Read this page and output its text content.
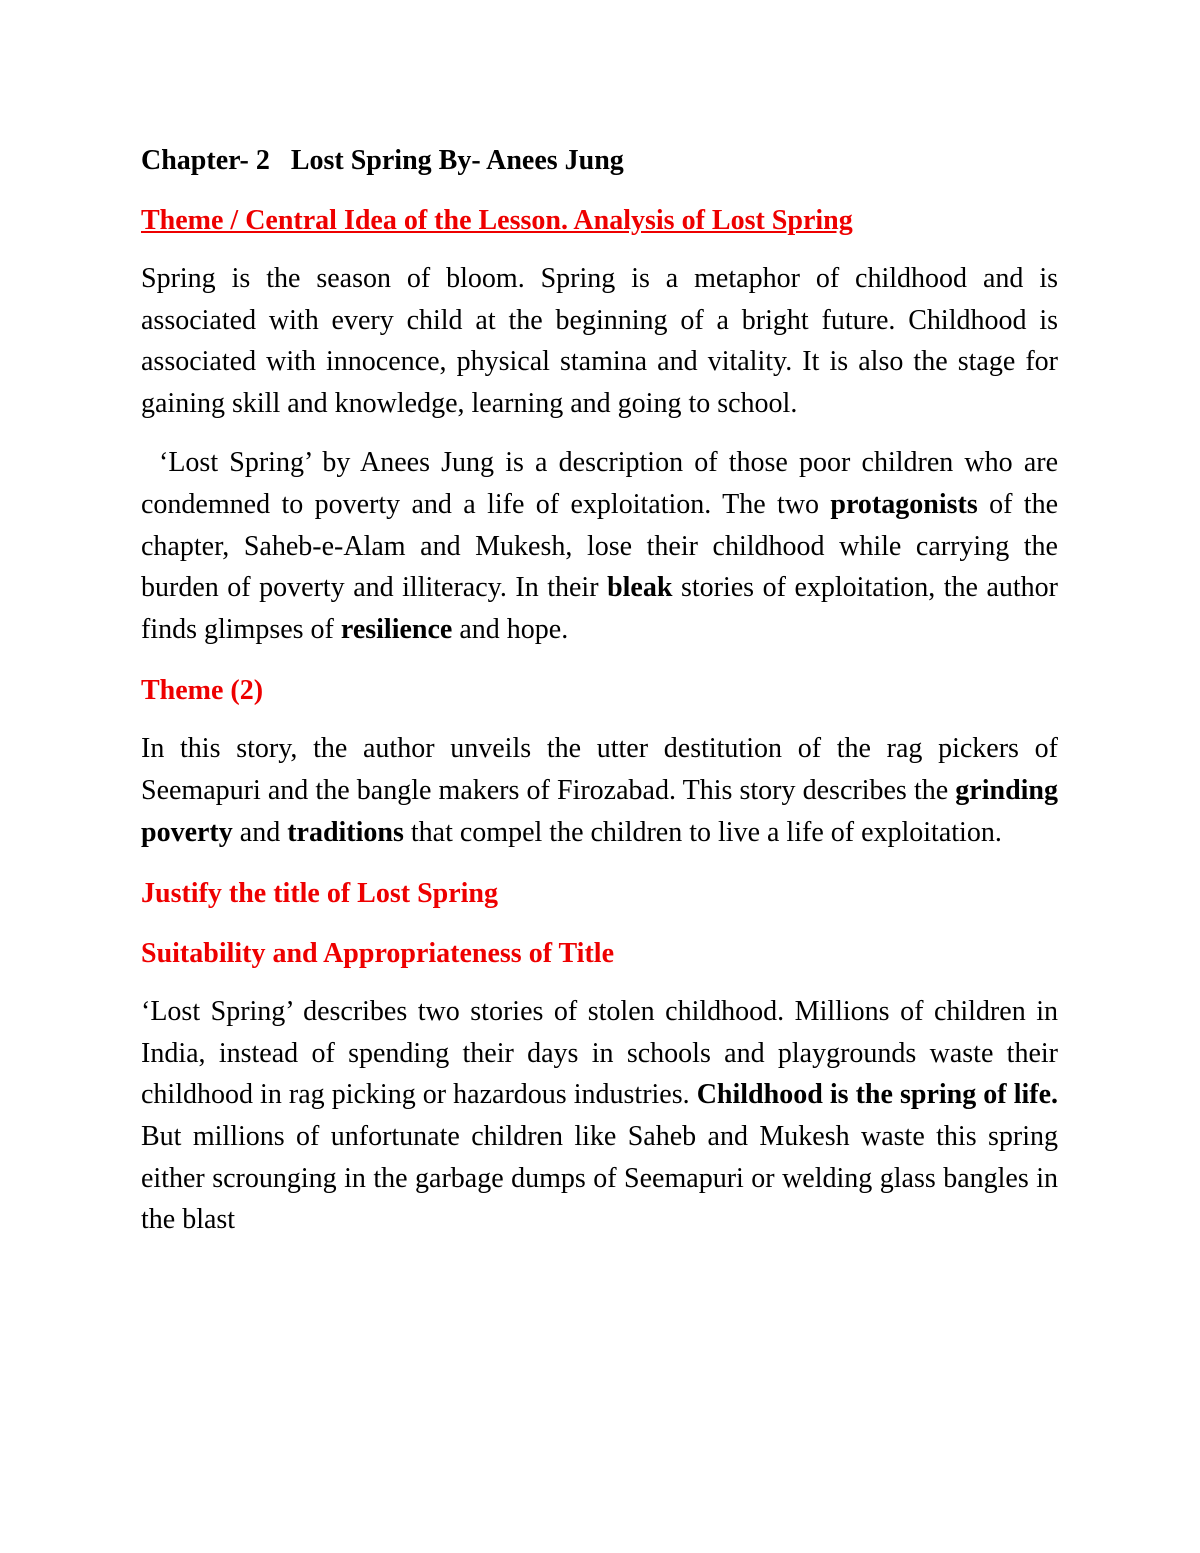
Chapter- 2   Lost Spring By- Anees Jung
Theme / Central Idea of the Lesson. Analysis of Lost Spring

Spring is the season of bloom. Spring is a metaphor of childhood and is associated with every child at the beginning of a bright future. Childhood is associated with innocence, physical stamina and vitality. It is also the stage for gaining skill and knowledge, learning and going to school.

‘Lost Spring’ by Anees Jung is a description of those poor children who are condemned to poverty and a life of exploitation. The two protagonists of the chapter, Saheb-e-Alam and Mukesh, lose their childhood while carrying the burden of poverty and illiteracy. In their bleak stories of exploitation, the author finds glimpses of resilience and hope.

Theme (2)

In this story, the author unveils the utter destitution of the rag pickers of Seemapuri and the bangle makers of Firozabad. This story describes the grinding poverty and traditions that compel the children to live a life of exploitation.

Justify the title of Lost Spring
Suitability and Appropriateness of Title

‘Lost Spring’ describes two stories of stolen childhood. Millions of children in India, instead of spending their days in schools and playgrounds waste their childhood in rag picking or hazardous industries. Childhood is the spring of life. But millions of unfortunate children like Saheb and Mukesh waste this spring either scrounging in the garbage dumps of Seemapuri or welding glass bangles in the blast
